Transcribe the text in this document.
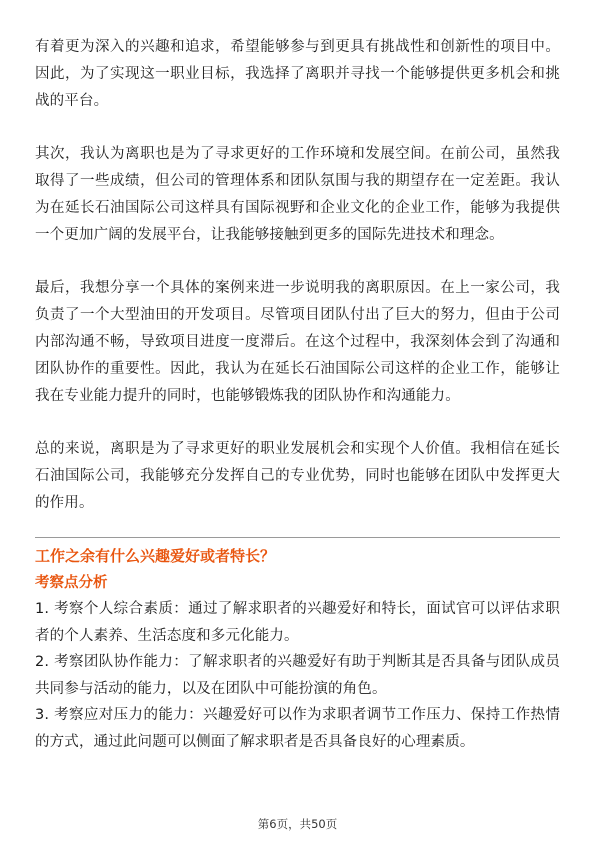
有着更为深入的兴趣和追求，希望能够参与到更具有挑战性和创新性的项目中。因此，为了实现这一职业目标，我选择了离职并寻找一个能够提供更多机会和挑战的平台。

其次，我认为离职也是为了寻求更好的工作环境和发展空间。在前公司，虽然我取得了一些成绩，但公司的管理体系和团队氛围与我的期望存在一定差距。我认为在延长石油国际公司这样具有国际视野和企业文化的企业工作，能够为我提供一个更加广阔的发展平台，让我能够接触到更多的国际先进技术和理念。

最后，我想分享一个具体的案例来进一步说明我的离职原因。在上一家公司，我负责了一个大型油田的开发项目。尽管项目团队付出了巨大的努力，但由于公司内部沟通不畅，导致项目进度一度滞后。在这个过程中，我深刻体会到了沟通和团队协作的重要性。因此，我认为在延长石油国际公司这样的企业工作，能够让我在专业能力提升的同时，也能够锻炼我的团队协作和沟通能力。

总的来说，离职是为了寻求更好的职业发展机会和实现个人价值。我相信在延长石油国际公司，我能够充分发挥自己的专业优势，同时也能够在团队中发挥更大的作用。

工作之余有什么兴趣爱好或者特长？
考察点分析
1. 考察个人综合素质：通过了解求职者的兴趣爱好和特长，面试官可以评估求职者的个人素养、生活态度和多元化能力。
2. 考察团队协作能力：了解求职者的兴趣爱好有助于判断其是否具备与团队成员共同参与活动的能力，以及在团队中可能扮演的角色。
3. 考察应对压力的能力：兴趣爱好可以作为求职者调节工作压力、保持工作热情的方式，通过此问题可以侧面了解求职者是否具备良好的心理素质。
第6页，共50页
